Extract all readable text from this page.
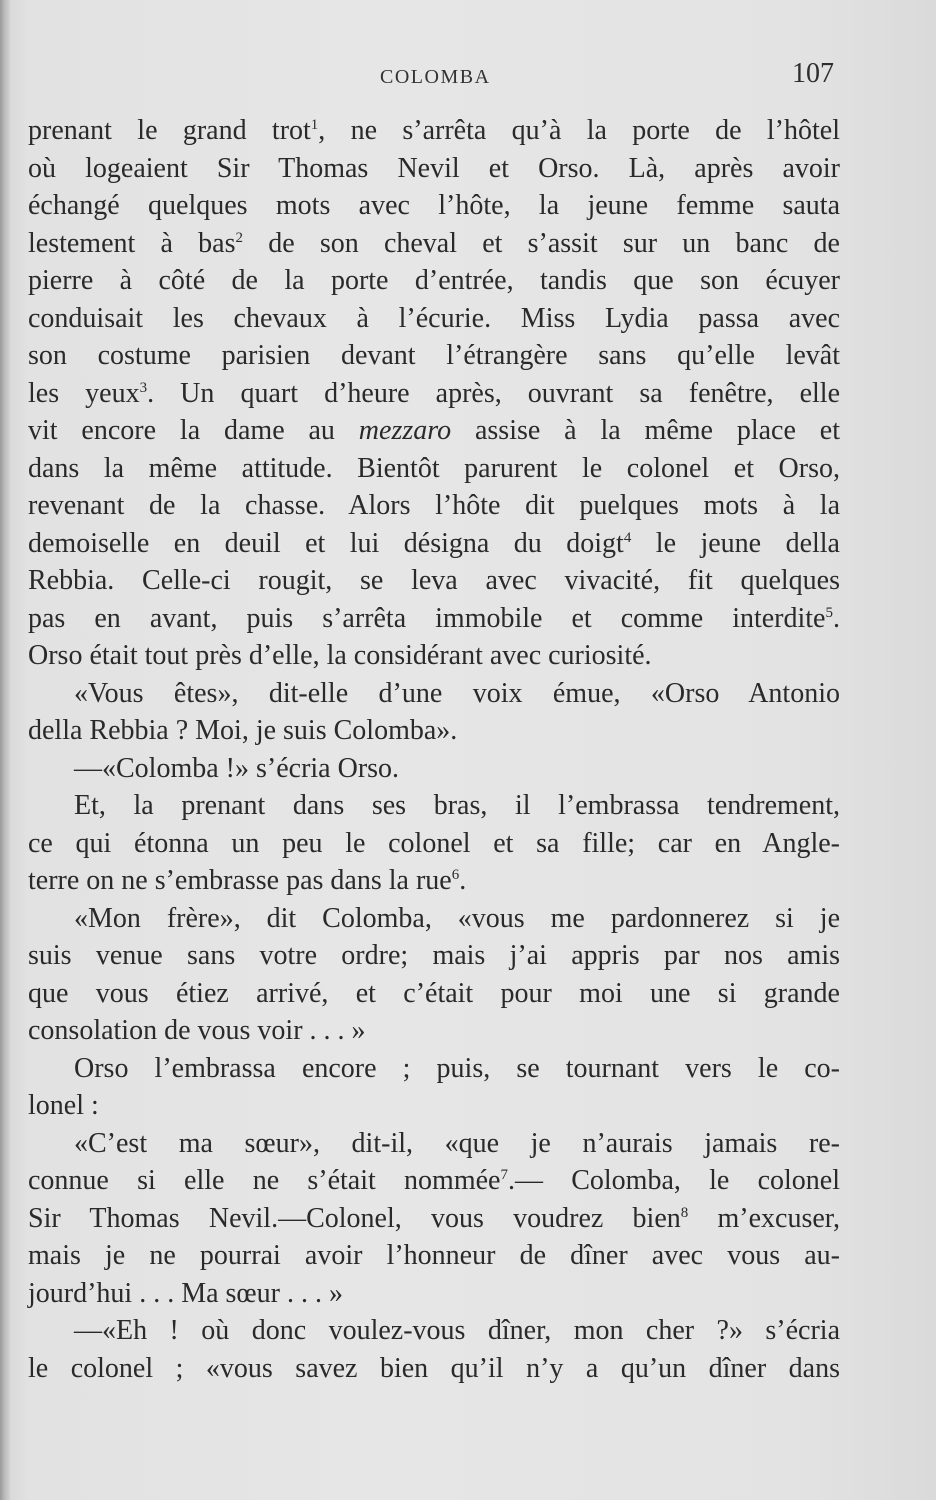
COLOMBA	107
prenant le grand trot$^1$, ne s’arrêta qu’à la porte de l’hôtel
où logeaient Sir Thomas Nevil et Orso. Là, après avoir
échangé quelques mots avec l’hôte, la jeune femme sauta
lestement à bas$^2$ de son cheval et s’assit sur un banc de
pierre à côté de la porte d’entrée, tandis que son écuyer
conduisait les chevaux à l’écurie. Miss Lydia passa avec
son costume parisien devant l’étrangère sans qu’elle levât
les yeux$^3$. Un quart d’heure après, ouvrant sa fenêtre, elle
vit encore la dame au mezzaro assise à la même place et
dans la même attitude. Bientôt parurent le colonel et Orso,
revenant de la chasse. Alors l’hôte dit puelques mots à la
demoiselle en deuil et lui désigna du doigt$^4$ le jeune della
Rebbia. Celle-ci rougit, se leva avec vivacité, fit quelques
pas en avant, puis s’arrêta immobile et comme interdite$^5$.
Orso était tout près d’elle, la considérant avec curiosité.
«Vous êtes», dit-elle d’une voix émue, «Orso Antonio
della Rebbia ? Moi, je suis Colomba».
—«Colomba !» s’écria Orso.
Et, la prenant dans ses bras, il l’embrassa tendrement,
ce qui étonna un peu le colonel et sa fille; car en Angle-
terre on ne s’embrasse pas dans la rue$^6$.
«Mon frère», dit Colomba, «vous me pardonnerez si je
suis venue sans votre ordre; mais j’ai appris par nos amis
que vous étiez arrivé, et c’était pour moi une si grande
consolation de vous voir . . . »
Orso l’embrassa encore ; puis, se tournant vers le co-
lonel :
«C’est ma sœur», dit-il, «que je n’aurais jamais re-
connue si elle ne s’était nommée$^7$.— Colomba, le colonel
Sir Thomas Nevil.—Colonel, vous voudrez bien$^8$ m’excuser,
mais je ne pourrai avoir l’honneur de dîner avec vous au-
jourd’hui . . . Ma sœur . . . »
—«Eh ! où donc voulez-vous dîner, mon cher ?» s’écria
le colonel ; «vous savez bien qu’il n’y a qu’un dîner dans
